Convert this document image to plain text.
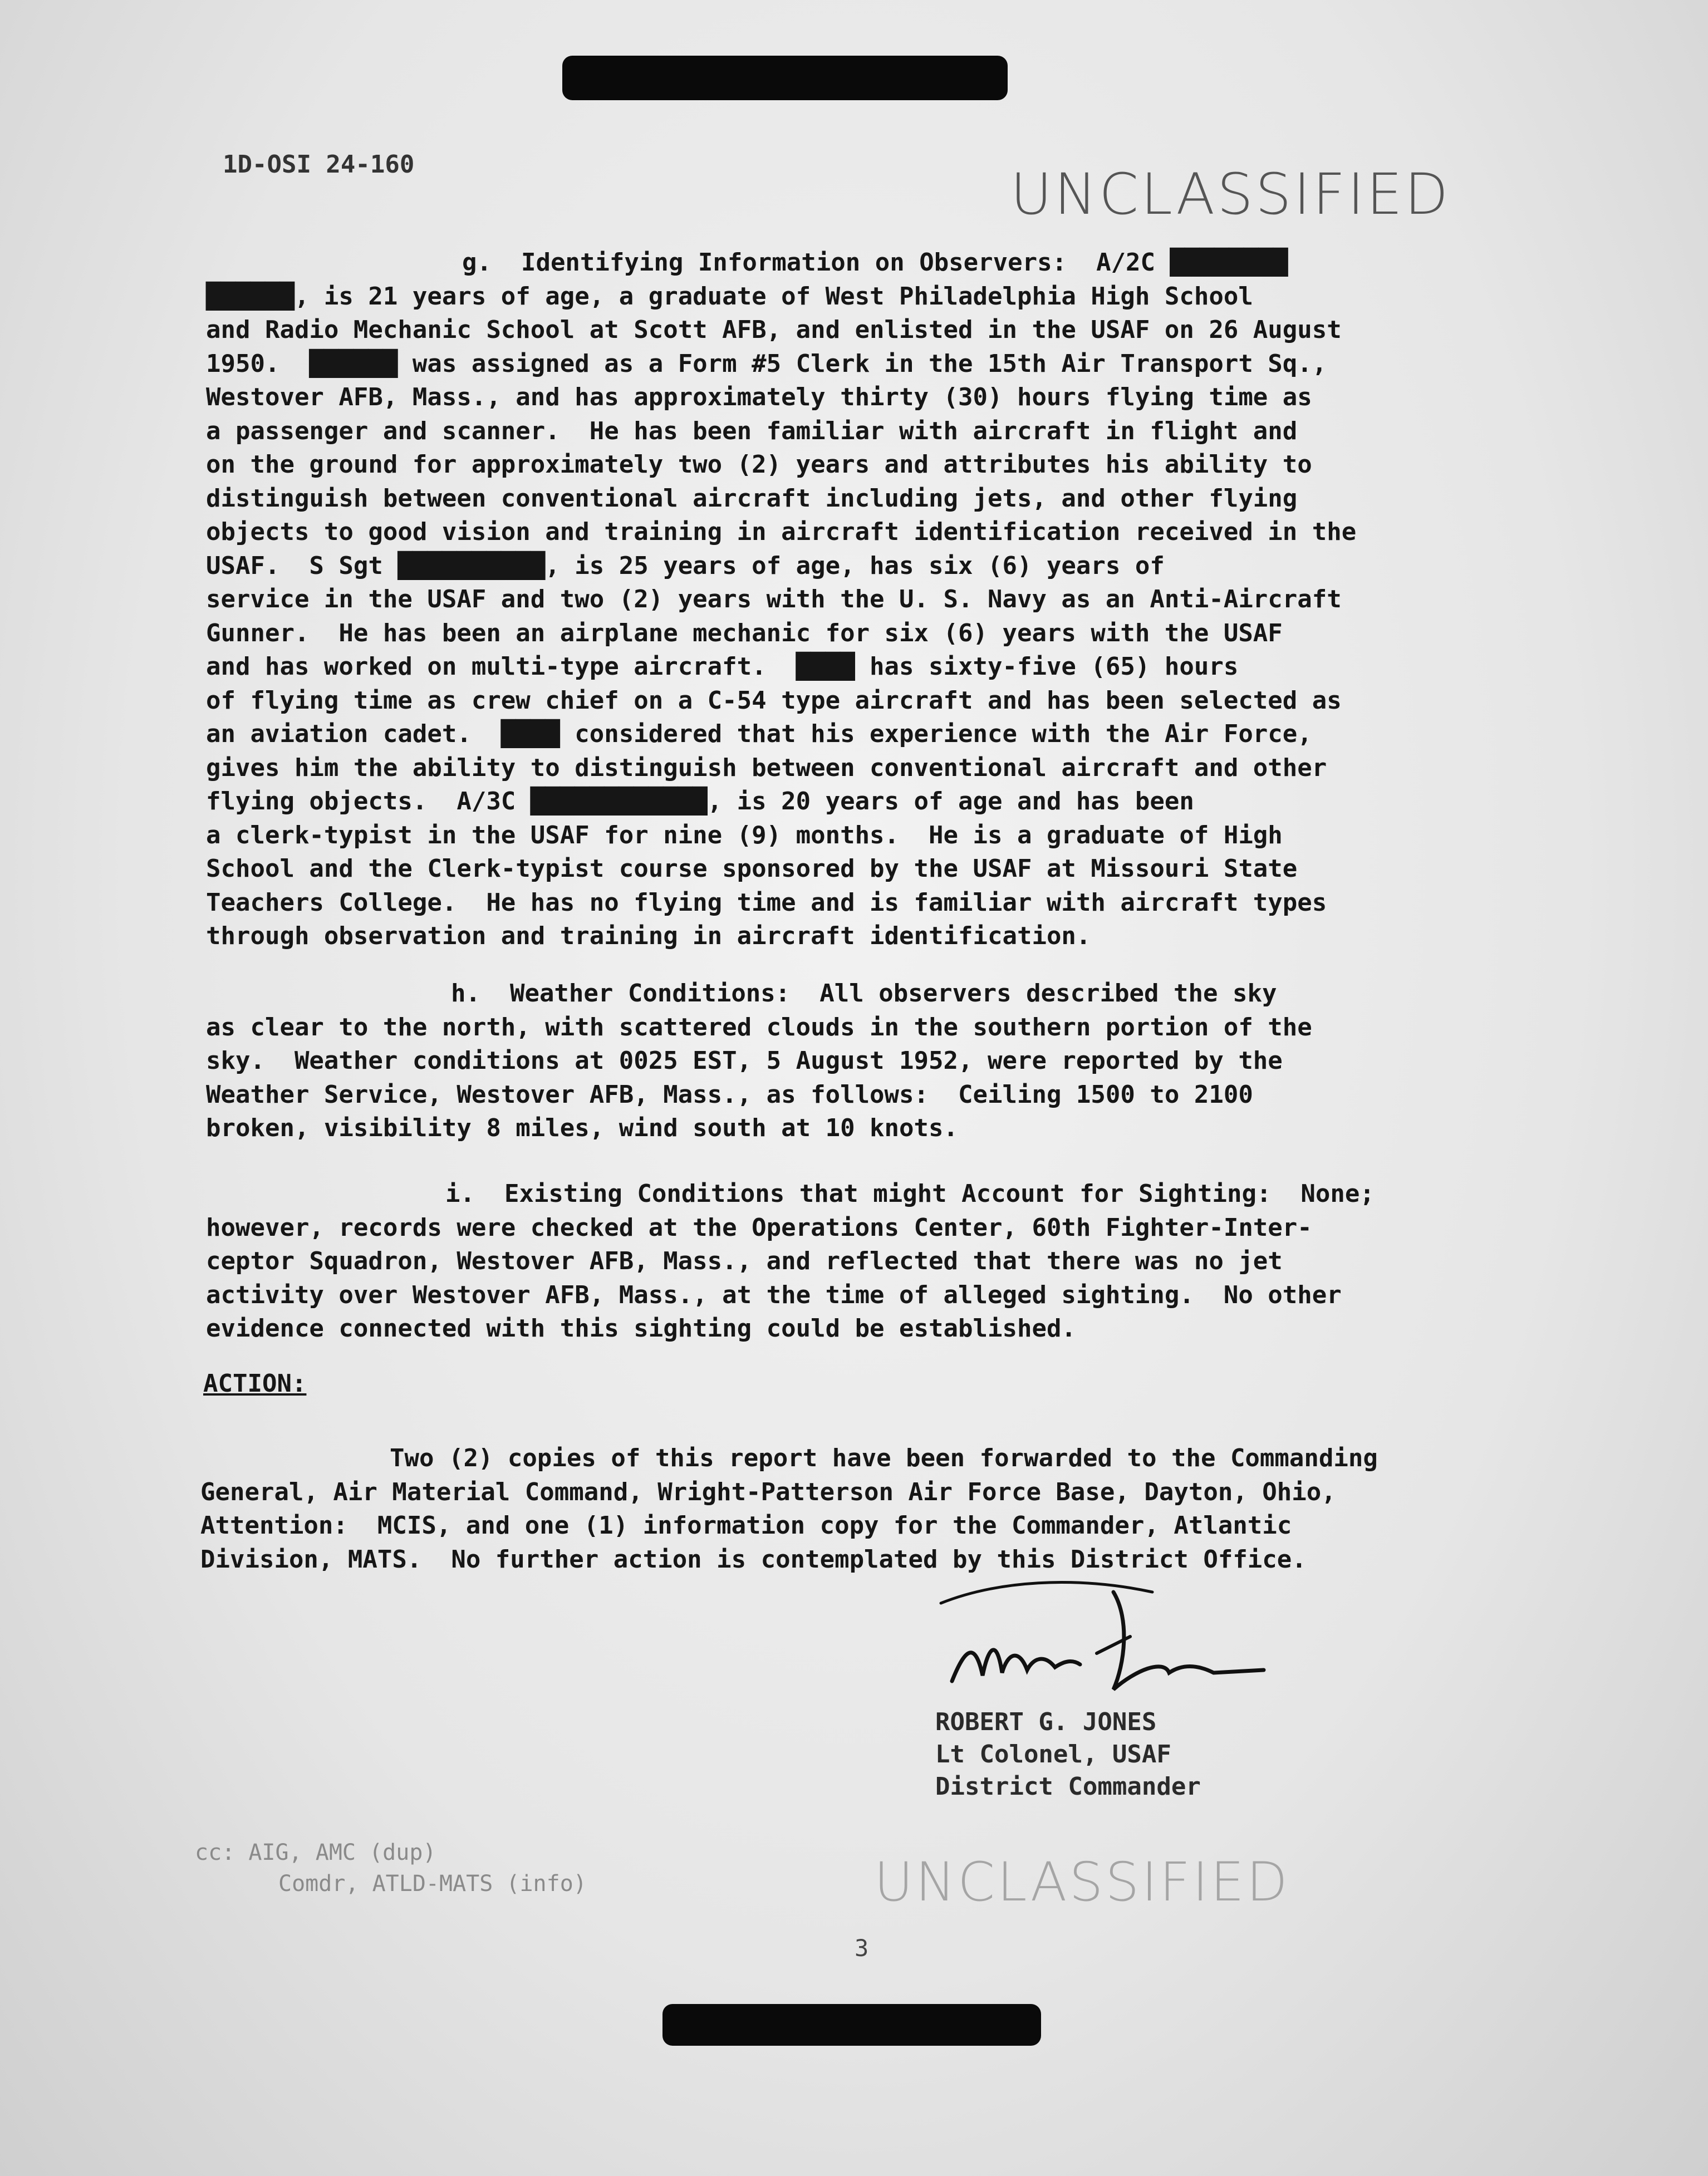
1D-OSI 24-160	UNCLASSIFIED
g.  Identifying Information on Observers:  A/2C ████████
██████, is 21 years of age, a graduate of West Philadelphia High School
and Radio Mechanic School at Scott AFB, and enlisted in the USAF on 26 August
1950.  ██████ was assigned as a Form #5 Clerk in the 15th Air Transport Sq.,
Westover AFB, Mass., and has approximately thirty (30) hours flying time as
a passenger and scanner.  He has been familiar with aircraft in flight and
on the ground for approximately two (2) years and attributes his ability to
distinguish between conventional aircraft including jets, and other flying
objects to good vision and training in aircraft identification received in the
USAF.  S Sgt ██████████, is 25 years of age, has six (6) years of
service in the USAF and two (2) years with the U. S. Navy as an Anti-Aircraft
Gunner.  He has been an airplane mechanic for six (6) years with the USAF
and has worked on multi-type aircraft.  ████ has sixty-five (65) hours
of flying time as crew chief on a C-54 type aircraft and has been selected as
an aviation cadet.  ████ considered that his experience with the Air Force,
gives him the ability to distinguish between conventional aircraft and other
flying objects.  A/3C ████████████, is 20 years of age and has been
a clerk-typist in the USAF for nine (9) months.  He is a graduate of High
School and the Clerk-typist course sponsored by the USAF at Missouri State
Teachers College.  He has no flying time and is familiar with aircraft types
through observation and training in aircraft identification.
h.  Weather Conditions:  All observers described the sky
as clear to the north, with scattered clouds in the southern portion of the
sky.  Weather conditions at 0025 EST, 5 August 1952, were reported by the
Weather Service, Westover AFB, Mass., as follows:  Ceiling 1500 to 2100
broken, visibility 8 miles, wind south at 10 knots.
i.  Existing Conditions that might Account for Sighting:  None;
however, records were checked at the Operations Center, 60th Fighter-Inter-
ceptor Squadron, Westover AFB, Mass., and reflected that there was no jet
activity over Westover AFB, Mass., at the time of alleged sighting.  No other
evidence connected with this sighting could be established.
ACTION:
Two (2) copies of this report have been forwarded to the Commanding
General, Air Material Command, Wright-Patterson Air Force Base, Dayton, Ohio,
Attention:  MCIS, and one (1) information copy for the Commander, Atlantic
Division, MATS.  No further action is contemplated by this District Office.
ROBERT G. JONES
Lt Colonel, USAF
District Commander
cc: AIG, AMC (dup)
Comdr, ATLD-MATS (info)	UNCLASSIFIED
3
